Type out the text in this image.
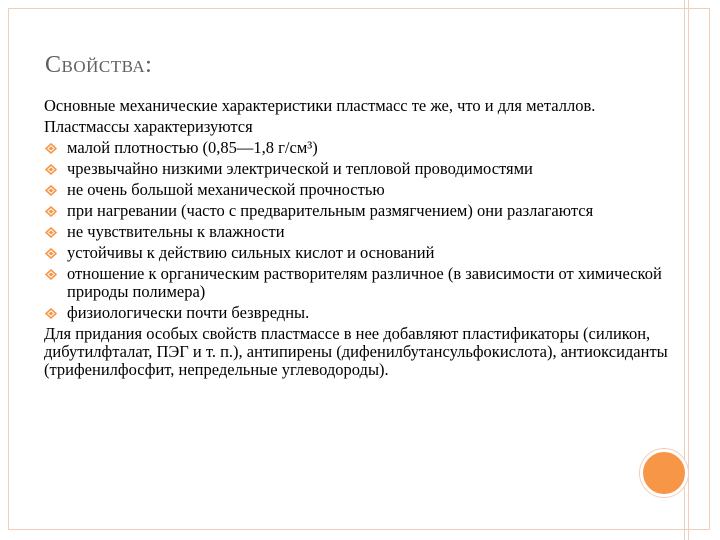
Свойства:

Основные механические характеристики пластмасс те же, что и для металлов.

Пластмассы характеризуются

малой плотностью (0,85—1,8 г/см³)
чрезвычайно низкими электрической и тепловой проводимостями
не очень большой механической прочностью
при нагревании (часто с предварительным размягчением) они разлагаются
не чувствительны к влажности
устойчивы к действию сильных кислот и оснований
отношение к органическим растворителям различное (в зависимости от химической природы полимера)
физиологически почти безвредны.

Для придания особых свойств пластмассе в нее добавляют пластификаторы (силикон, дибутилфталат, ПЭГ и т. п.), антипирены (дифенилбутансульфокислота), антиоксиданты (трифенилфосфит, непредельные углеводороды).
